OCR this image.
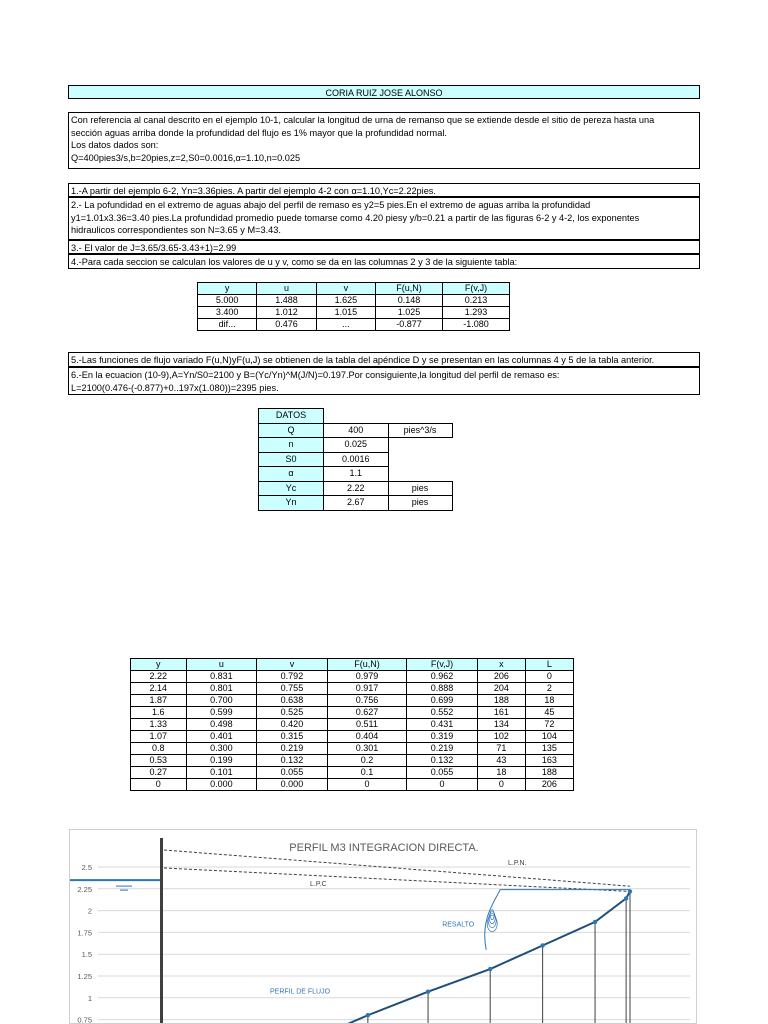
CORIA RUIZ JOSE ALONSO
Con referencia al canal descrito en el ejemplo 10-1, calcular la longitud de urna de remanso que se extiende desde el sitio de pereza hasta una
sección aguas arriba donde la profundidad del flujo es 1% mayor que la profundidad normal.
Los datos dados son:
Q=400pies3/s,b=20pies,z=2,S0=0.0016,α=1.10,n=0.025
1.-A partir del ejemplo 6-2, Yn=3.36pies. A partir del ejemplo 4-2 con α=1.10,Yc=2.22pies.
2.- La pofundidad en el extremo de aguas abajo del perfil de remaso es y2=5 pies.En el extremo de aguas arriba la profundidad
y1=1.01x3.36=3.40 pies.La profundidad promedio puede tomarse como 4.20 piesy y/b=0.21 a partir de las figuras 6-2 y 4-2, los exponentes
hidraulicos correspondientes son N=3.65 y M=3.43.
3.- El valor de J=3.65/3.65-3.43+1)=2.99
4.-Para cada seccion se calculan los valores de u y v, como se da en las columnas 2 y 3 de la siguiente tabla:
y	u	v	F(u,N)	F(v,J)
5.000	1.488	1.625	0.148	0.213
3.400	1.012	1.015	1.025	1.293
dif...	0.476	...	-0.877	-1.080
5.-Las funciones de flujo variado F(u,N)yF(u,J) se obtienen de la tabla del apéndice D y se presentan en las columnas 4 y 5 de la tabla anterior.
6.-En la ecuacion (10-9),A=Yn/S0=2100 y B=(Yc/Yn)^M(J/N)=0.197.Por consiguiente,la longitud del perfil de remaso es:
L=2100(0.476-(-0.877)+0..197x(1.080))=2395 pies.
DATOS		
Q	400	pies^3/s
n	0.025	
S0	0.0016	
α	1.1	
Yc	2.22	pies
Yn	2.67	pies
y	u	v	F(u,N)	F(v,J)	x	L
2.22	0.831	0.792	0.979	0.962	206	0
2.14	0.801	0.755	0.917	0.888	204	2
1.87	0.700	0.638	0.756	0.699	188	18
1.6	0.599	0.525	0.627	0.552	161	45
1.33	0.498	0.420	0.511	0.431	134	72
1.07	0.401	0.315	0.404	0.319	102	104
0.8	0.300	0.219	0.301	0.219	71	135
0.53	0.199	0.132	0.2	0.132	43	163
0.27	0.101	0.055	0.1	0.055	18	188
0	0.000	0.000	0	0	0	206
PERFIL M3 INTEGRACION DIRECTA.
2.5
2.25
2
1.75
1.5
1.25
1
0.75
L.P.N.
L.P.C
RESALTO
PERFIL DE FLUJO
